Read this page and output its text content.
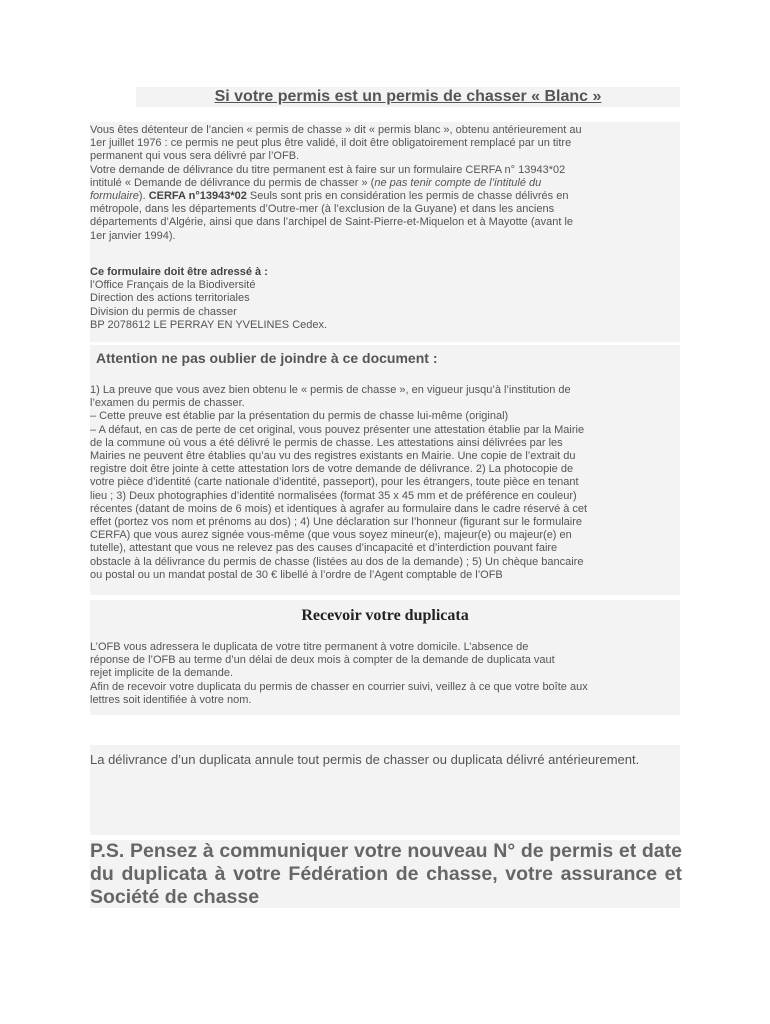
Si votre permis est un permis de chasser « Blanc »
Vous êtes détenteur de l’ancien « permis de chasse » dit « permis blanc », obtenu antérieurement au
1er juillet 1976 : ce permis ne peut plus être validé, il doit être obligatoirement remplacé par un titre
permanent qui vous sera délivré par l’OFB.
Votre demande de délivrance du titre permanent est à faire sur un formulaire CERFA n° 13943*02
intitulé « Demande de délivrance du permis de chasser » (ne pas tenir compte de l’intitulé du
formulaire). CERFA n°13943*02 Seuls sont pris en considération les permis de chasse délivrés en
métropole, dans les départements d’Outre-mer (à l’exclusion de la Guyane) et dans les anciens
départements d’Algérie, ainsi que dans l’archipel de Saint-Pierre-et-Miquelon et à Mayotte (avant le
1er janvier 1994).
Ce formulaire doit être adressé à :
l’Office Français de la Biodiversité
Direction des actions territoriales
Division du permis de chasser
BP 2078612 LE PERRAY EN YVELINES Cedex.
Attention ne pas oublier de joindre à ce document :
1) La preuve que vous avez bien obtenu le « permis de chasse », en vigueur jusqu’à l’institution de
l’examen du permis de chasser.
– Cette preuve est établie par la présentation du permis de chasse lui-même (original)
– A défaut, en cas de perte de cet original, vous pouvez présenter une attestation établie par la Mairie
de la commune où vous a été délivré le permis de chasse. Les attestations ainsi délivrées par les
Mairies ne peuvent être établies qu’au vu des registres existants en Mairie. Une copie de l’extrait du
registre doit être jointe à cette attestation lors de votre demande de délivrance. 2) La photocopie de
votre pièce d’identité (carte nationale d’identité, passeport), pour les étrangers, toute pièce en tenant
lieu ; 3) Deux photographies d’identité normalisées (format 35 x 45 mm et de préférence en couleur)
récentes (datant de moins de 6 mois) et identiques à agrafer au formulaire dans le cadre réservé à cet
effet (portez vos nom et prénoms au dos) ; 4) Une déclaration sur l’honneur (figurant sur le formulaire
CERFA) que vous aurez signée vous-même (que vous soyez mineur(e), majeur(e) ou majeur(e) en
tutelle), attestant que vous ne relevez pas des causes d’incapacité et d’interdiction pouvant faire
obstacle à la délivrance du permis de chasse (listées au dos de la demande) ; 5) Un chèque bancaire
ou postal ou un mandat postal de 30 € libellé à l’ordre de l’Agent comptable de l’OFB
Recevoir votre duplicata
L’OFB vous adressera le duplicata de votre titre permanent à votre domicile. L’absence de
réponse de l’OFB au terme d’un délai de deux mois à compter de la demande de duplicata vaut
rejet implicite de la demande.
Afin de recevoir votre duplicata du permis de chasser en courrier suivi, veillez à ce que votre boîte aux
lettres soit identifiée à votre nom.
La délivrance d’un duplicata annule tout permis de chasser ou duplicata délivré antérieurement.
P.S. Pensez à communiquer votre nouveau N° de permis et date du duplicata à votre Fédération de chasse, votre assurance et Société de chasse
